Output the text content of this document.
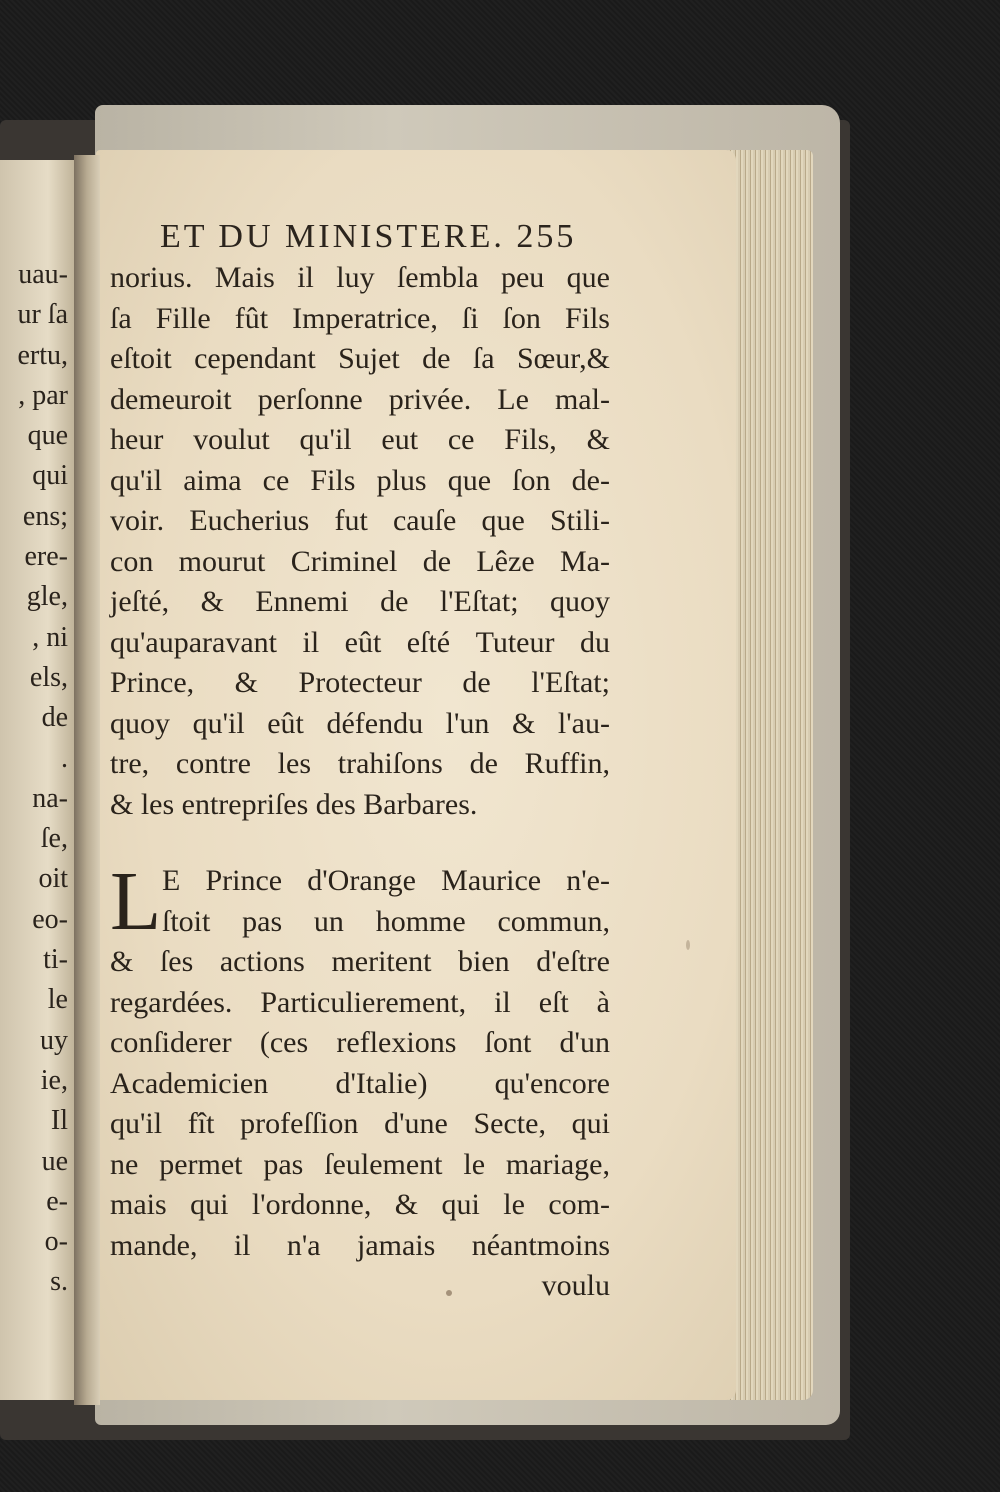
uau-
ur ſa
ertu,
, par
que
qui
ens;
ere-
gle,
, ni
els,
de
.
na-
ſe,
oit
eo-
ti-
le
uy
ie,
Il
ue
e-
o-
s.
ET DU MINISTERE. 255
norius. Mais il luy ſembla peu que
ſa Fille fût Imperatrice, ſi ſon Fils
eſtoit cependant Sujet de ſa Sœur,&
demeuroit perſonne privée. Le mal-
heur voulut qu'il eut ce Fils, &
qu'il aima ce Fils plus que ſon de-
voir. Eucherius fut cauſe que Stili-
con mourut Criminel de Lêze Ma-
jeſté, & Ennemi de l'Eſtat; quoy
qu'auparavant il eût eſté Tuteur du
Prince, & Protecteur de l'Eſtat;
quoy qu'il eût défendu l'un & l'au-
tre, contre les trahiſons de Ruffin,
& les entrepriſes des Barbares.
L E Prince d'Orange Maurice n'e-
ſtoit pas un homme commun,
& ſes actions meritent bien d'eſtre
regardées. Particulierement, il eſt à
conſiderer (ces reflexions ſont d'un
Academicien d'Italie) qu'encore
qu'il fît profeſſion d'une Secte, qui
ne permet pas ſeulement le mariage,
mais qui l'ordonne, & qui le com-
mande, il n'a jamais néantmoins
voulu
